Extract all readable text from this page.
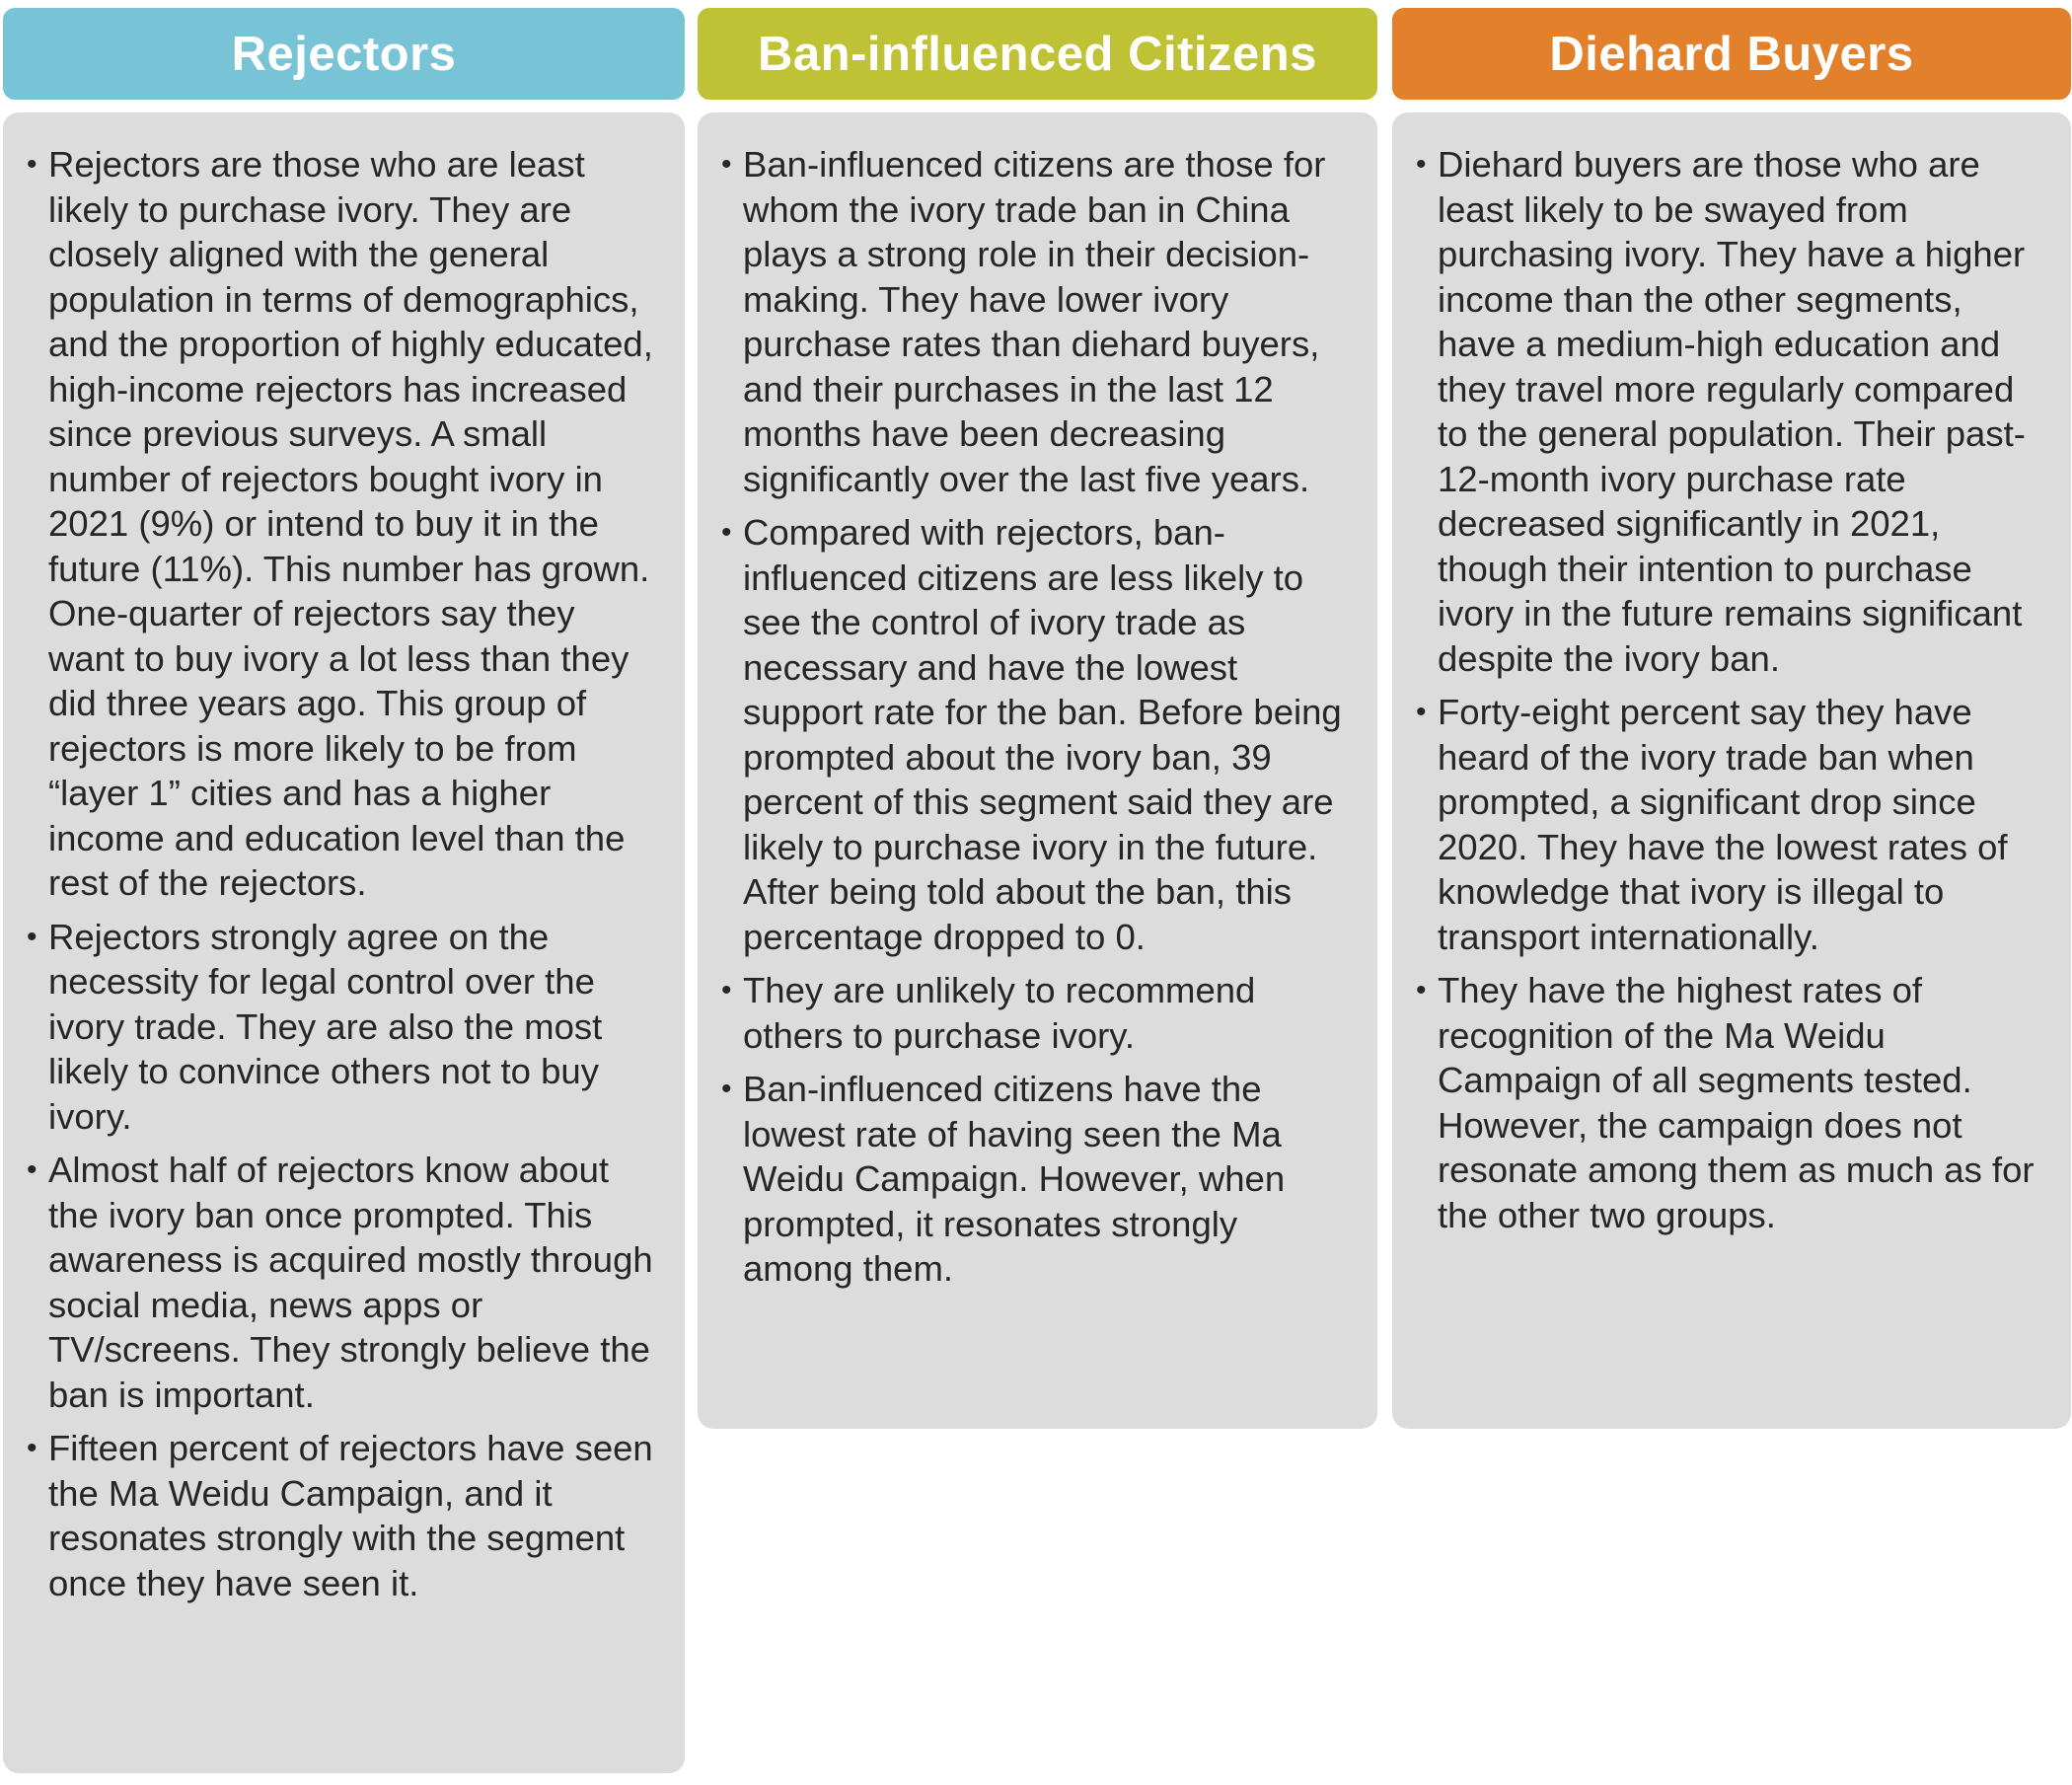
Rejectors
• Rejectors are those who are least likely to purchase ivory. They are closely aligned with the general population in terms of demographics, and the proportion of highly educated, high-income rejectors has increased since previous surveys. A small number of rejectors bought ivory in 2021 (9%) or intend to buy it in the future (11%). This number has grown. One-quarter of rejectors say they want to buy ivory a lot less than they did three years ago. This group of rejectors is more likely to be from “layer 1” cities and has a higher income and education level than the rest of the rejectors.
• Rejectors strongly agree on the necessity for legal control over the ivory trade. They are also the most likely to convince others not to buy ivory.
• Almost half of rejectors know about the ivory ban once prompted. This awareness is acquired mostly through social media, news apps or TV/screens. They strongly believe the ban is important.
• Fifteen percent of rejectors have seen the Ma Weidu Campaign, and it resonates strongly with the segment once they have seen it.
Ban-influenced Citizens
• Ban-influenced citizens are those for whom the ivory trade ban in China plays a strong role in their decision-making. They have lower ivory purchase rates than diehard buyers, and their purchases in the last 12 months have been decreasing significantly over the last five years.
• Compared with rejectors, ban-influenced citizens are less likely to see the control of ivory trade as necessary and have the lowest support rate for the ban. Before being prompted about the ivory ban, 39 percent of this segment said they are likely to purchase ivory in the future. After being told about the ban, this percentage dropped to 0.
• They are unlikely to recommend others to purchase ivory.
• Ban-influenced citizens have the lowest rate of having seen the Ma Weidu Campaign. However, when prompted, it resonates strongly among them.
Diehard Buyers
• Diehard buyers are those who are least likely to be swayed from purchasing ivory. They have a higher income than the other segments, have a medium-high education and they travel more regularly compared to the general population. Their past-12-month ivory purchase rate decreased significantly in 2021, though their intention to purchase ivory in the future remains significant despite the ivory ban.
• Forty-eight percent say they have heard of the ivory trade ban when prompted, a significant drop since 2020. They have the lowest rates of knowledge that ivory is illegal to transport internationally.
• They have the highest rates of recognition of the Ma Weidu Campaign of all segments tested. However, the campaign does not resonate among them as much as for the other two groups.
